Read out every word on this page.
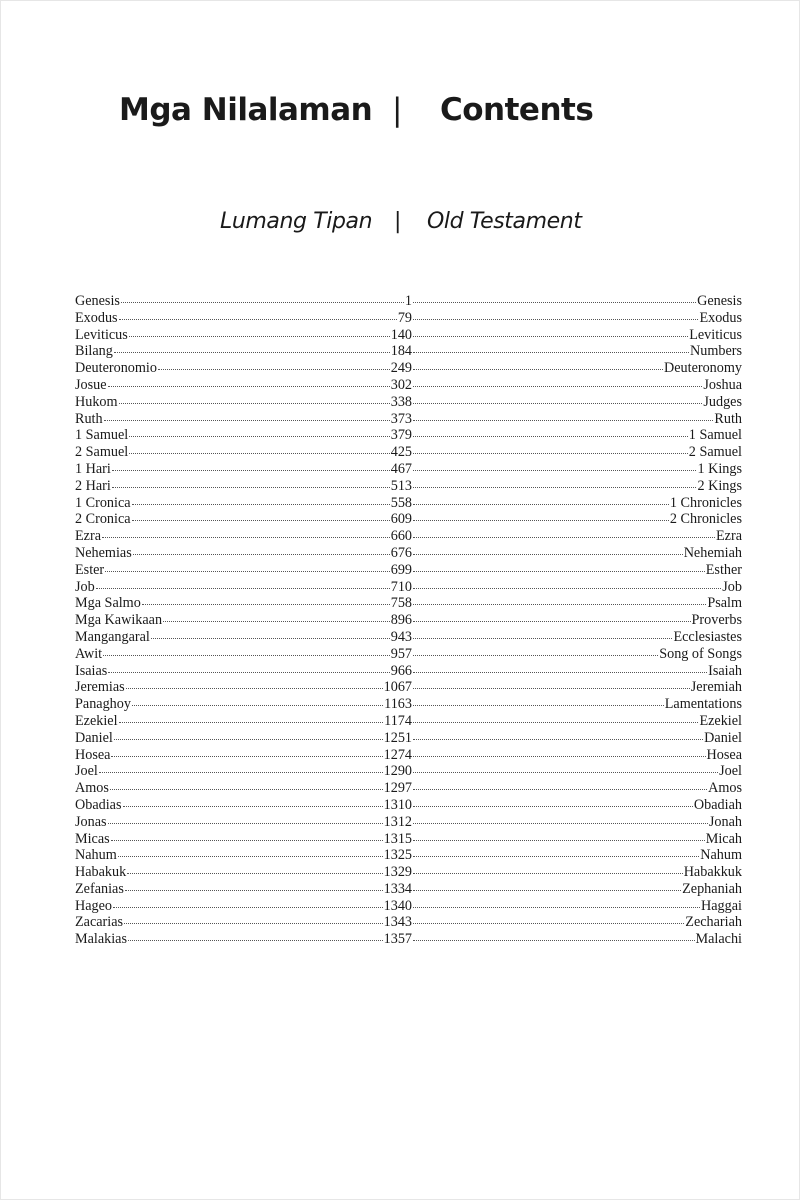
Mga Nilalaman | Contents
Lumang Tipan | Old Testament
Genesis	1	Genesis
Exodus	79	Exodus
Leviticus	140	Leviticus
Bilang	184	Numbers
Deuteronomio	249	Deuteronomy
Josue	302	Joshua
Hukom	338	Judges
Ruth	373	Ruth
1 Samuel	379	1 Samuel
2 Samuel	425	2 Samuel
1 Hari	467	1 Kings
2 Hari	513	2 Kings
1 Cronica	558	1 Chronicles
2 Cronica	609	2 Chronicles
Ezra	660	Ezra
Nehemias	676	Nehemiah
Ester	699	Esther
Job	710	Job
Mga Salmo	758	Psalm
Mga Kawikaan	896	Proverbs
Mangangaral	943	Ecclesiastes
Awit	957	Song of Songs
Isaias	966	Isaiah
Jeremias	1067	Jeremiah
Panaghoy	1163	Lamentations
Ezekiel	1174	Ezekiel
Daniel	1251	Daniel
Hosea	1274	Hosea
Joel	1290	Joel
Amos	1297	Amos
Obadias	1310	Obadiah
Jonas	1312	Jonah
Micas	1315	Micah
Nahum	1325	Nahum
Habakuk	1329	Habakkuk
Zefanias	1334	Zephaniah
Hageo	1340	Haggai
Zacarias	1343	Zechariah
Malakias	1357	Malachi
